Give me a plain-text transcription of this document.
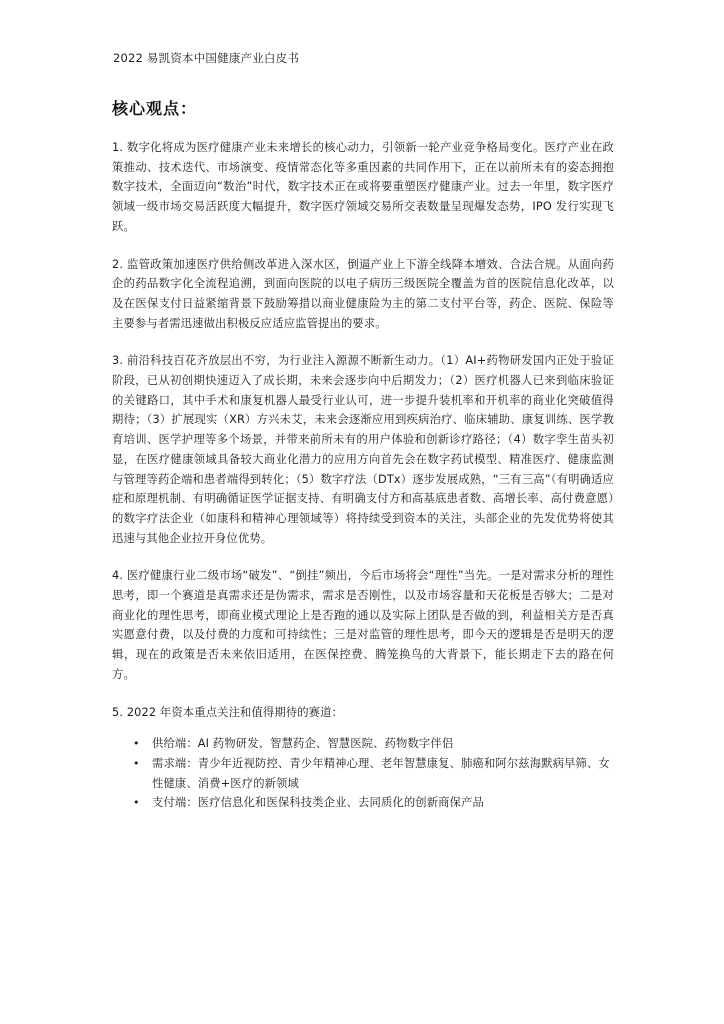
2022 易凯资本中国健康产业白皮书
核心观点：

1. 数字化将成为医疗健康产业未来增长的核心动力，引领新一轮产业竞争格局变化。医疗产业在政策推动、技术迭代、市场演变、疫情常态化等多重因素的共同作用下，正在以前所未有的姿态拥抱数字技术，全面迈向“数治”时代，数字技术正在或将要重塑医疗健康产业。过去一年里，数字医疗领域一级市场交易活跃度大幅提升，数字医疗领域交易所交表数量呈现爆发态势，IPO 发行实现飞跃。

2. 监管政策加速医疗供给侧改革进入深水区，倒逼产业上下游全线降本增效、合法合规。从面向药企的药品数字化全流程追溯，到面向医院的以电子病历三级医院全覆盖为首的医院信息化改革，以及在医保支付日益紧缩背景下鼓励筹措以商业健康险为主的第二支付平台等，药企、医院、保险等主要参与者需迅速做出积极反应适应监管提出的要求。

3. 前沿科技百花齐放层出不穷，为行业注入源源不断新生动力。（1）AI+药物研发国内正处于验证阶段，已从初创期快速迈入了成长期，未来会逐步向中后期发力；（2）医疗机器人已来到临床验证的关键路口，其中手术和康复机器人最受行业认可，进一步提升装机率和开机率的商业化突破值得期待；（3）扩展现实（XR）方兴未艾，未来会逐渐应用到疾病治疗、临床辅助、康复训练、医学教育培训、医学护理等多个场景，并带来前所未有的用户体验和创新诊疗路径；（4）数字孪生苗头初显，在医疗健康领域具备较大商业化潜力的应用方向首先会在数字药试模型、精准医疗、健康监测与管理等药企端和患者端得到转化；（5）数字疗法（DTx）逐步发展成熟，“三有三高”（有明确适应症和原理机制、有明确循证医学证据支持、有明确支付方和高基底患者数、高增长率、高付费意愿）的数字疗法企业（如康科和精神心理领域等）将持续受到资本的关注，头部企业的先发优势将使其迅速与其他企业拉开身位优势。

4. 医疗健康行业二级市场“破发”、“倒挂”频出，今后市场将会“理性”当先。一是对需求分析的理性思考，即一个赛道是真需求还是伪需求，需求是否刚性，以及市场容量和天花板是否够大；二是对商业化的理性思考，即商业模式理论上是否跑的通以及实际上团队是否做的到，利益相关方是否真实愿意付费，以及付费的力度和可持续性；三是对监管的理性思考，即今天的逻辑是否是明天的逻辑，现在的政策是否未来依旧适用，在医保控费、腾笼换鸟的大背景下，能长期走下去的路在何方。

5. 2022 年资本重点关注和值得期待的赛道：

• 供给端：AI 药物研发、智慧药企、智慧医院、药物数字伴侣
• 需求端：青少年近视防控、青少年精神心理、老年智慧康复、肺癌和阿尔兹海默病早筛、女性健康、消费+医疗的新领域
• 支付端：医疗信息化和医保科技类企业、去同质化的创新商保产品
